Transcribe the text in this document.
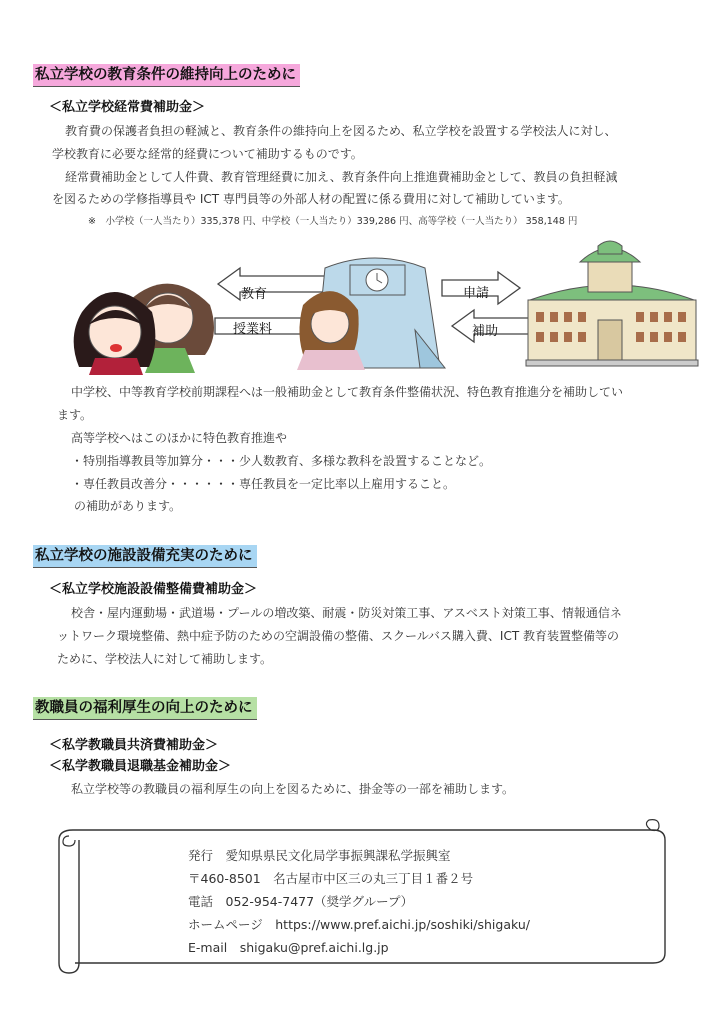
私立学校の教育条件の維持向上のために
＜私立学校経常費補助金＞
教育費の保護者負担の軽減と、教育条件の維持向上を図るため、私立学校を設置する学校法人に対し、
学校教育に必要な経常的経費について補助するものです。
経常費補助金として人件費、教育管理経費に加え、教育条件向上推進費補助金として、教員の負担軽減
を図るための学修指導員や ICT 専門員等の外部人材の配置に係る費用に対して補助しています。
※　小学校（一人当たり）335,378 円、中学校（一人当たり）339,286 円、高等学校（一人当たり） 358,148 円
教育
授業料
申請
補助
中学校、中等教育学校前期課程へは一般補助金として教育条件整備状況、特色教育推進分を補助してい
ます。
高等学校へはこのほかに特色教育推進や
・特別指導教員等加算分・・・少人数教育、多様な教科を設置することなど。
・専任教員改善分・・・・・・専任教員を一定比率以上雇用すること。
の補助があります。
私立学校の施設設備充実のために
＜私立学校施設設備整備費補助金＞
校舎・屋内運動場・武道場・プールの増改築、耐震・防災対策工事、アスベスト対策工事、情報通信ネ
ットワーク環境整備、熱中症予防のための空調設備の整備、スクールバス購入費、ICT 教育装置整備等の
ために、学校法人に対して補助します。
教職員の福利厚生の向上のために
＜私学教職員共済費補助金＞
＜私学教職員退職基金補助金＞
私立学校等の教職員の福利厚生の向上を図るために、掛金等の一部を補助します。
発行　愛知県県民文化局学事振興課私学振興室
〒460-8501　名古屋市中区三の丸三丁目１番２号
電話　052-954-7477（奨学グループ）
ホームページ　https://www.pref.aichi.jp/soshiki/shigaku/
E-mail　shigaku@pref.aichi.lg.jp
